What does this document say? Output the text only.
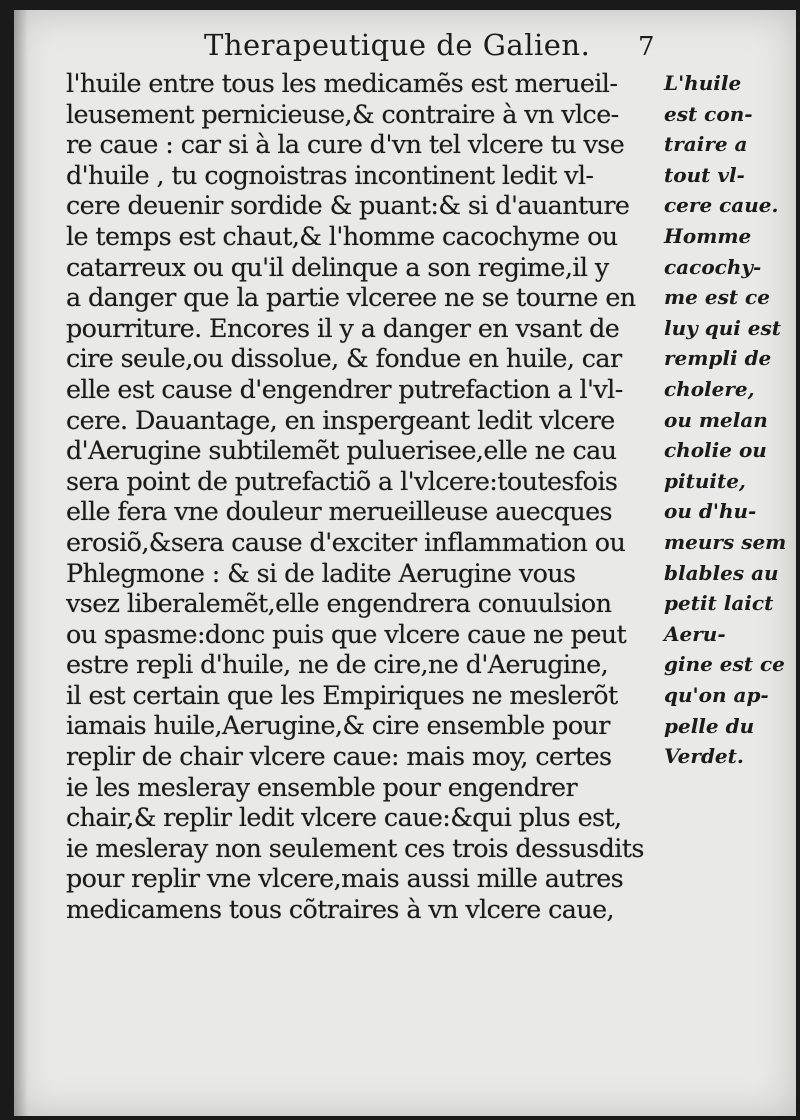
Therapeutique de Galien. 7
l'huile entre tous les medicamẽs est merueil-
leusement pernicieuse,& contraire à vn vlce-
re caue : car si à la cure d'vn tel vlcere tu vse
d'huile , tu cognoistras incontinent ledit vl-
cere deuenir sordide & puant:& si d'auanture
le temps est chaut,& l'homme cacochyme ou
catarreux ou qu'il delinque a son regime,il y
a danger que la partie vlceree ne se tourne en
pourriture. Encores il y a danger en vsant de
cire seule,ou dissolue, & fondue en huile, car
elle est cause d'engendrer putrefaction a l'vl-
cere. Dauantage, en inspergeant ledit vlcere
d'Aerugine subtilemẽt puluerisee,elle ne cau
sera point de putrefactiõ a l'vlcere:toutesfois
elle fera vne douleur merueilleuse auecques
erosiõ,&sera cause d'exciter inflammation ou
Phlegmone : & si de ladite Aerugine vous
vsez liberalemẽt,elle engendrera conuulsion
ou spasme:donc puis que vlcere caue ne peut
estre repli d'huile, ne de cire,ne d'Aerugine,
il est certain que les Empiriques ne meslerõt
iamais huile,Aerugine,& cire ensemble pour
replir de chair vlcere caue: mais moy, certes
ie les mesleray ensemble pour engendrer
chair,& replir ledit vlcere caue:&qui plus est,
ie mesleray non seulement ces trois dessusdits
pour replir vne vlcere,mais aussi mille autres
medicamens tous cõtraires à vn vlcere caue,
L'huile
est con-
traire a
tout vl-
cere caue.
Homme
cacochy-
me est ce
luy qui est
rempli de
cholere,
ou melan
cholie ou
pituite,
ou d'hu-
meurs sem
blables au
petit laict
Aeru-
gine est ce
qu'on ap-
pelle du
Verdet.
